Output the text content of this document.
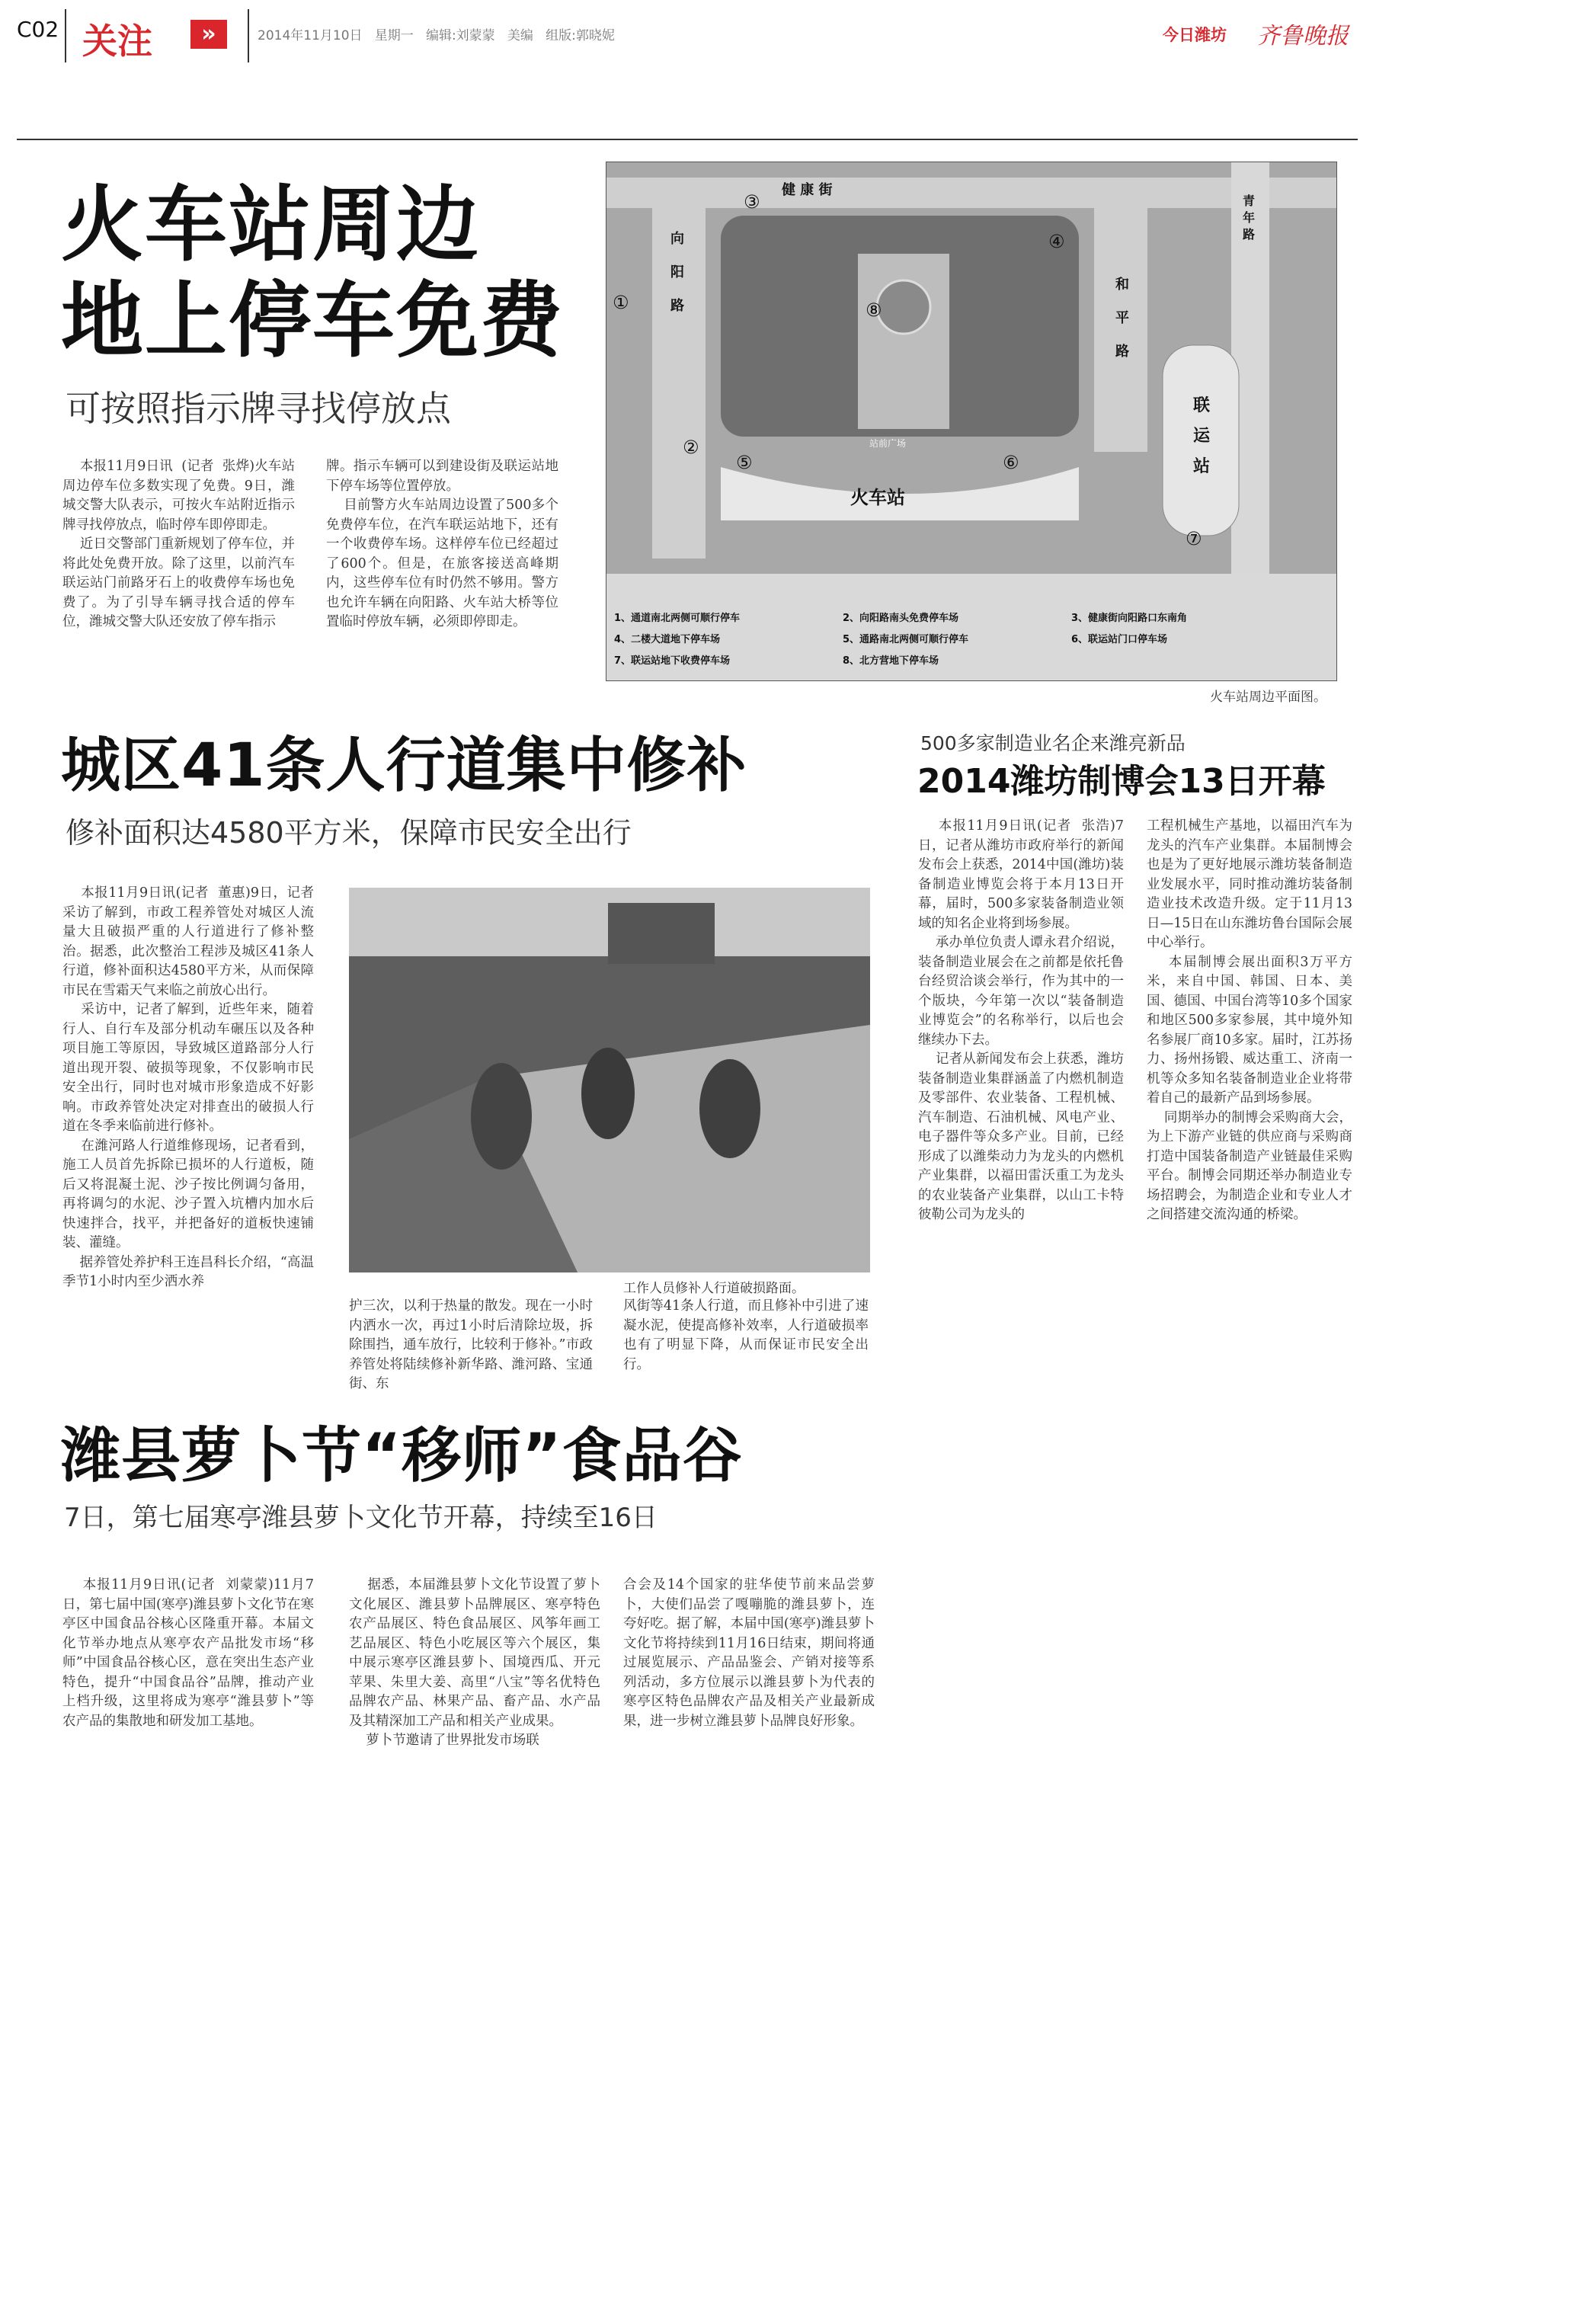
C02 关注	»	2014年11月10日   星期一   编辑:刘蒙蒙   美编   组版:郭晓妮	今日潍坊 齐鲁晚报
火车站周边
地上停车免费
可按照指示牌寻找停放点
本报11月9日讯  (记者  张烨)火车站周边停车位多数实现了免费。9日，潍城交警大队表示，可按火车站附近指示牌寻找停放点，临时停车即停即走。
近日交警部门重新规划了停车位，并将此处免费开放。除了这里，以前汽车联运站门前路牙石上的收费停车场也免费了。为了引导车辆寻找合适的停车位，潍城交警大队还安放了停车指示
牌。指示车辆可以到建设街及联运站地下停车场等位置停放。
目前警方火车站周边设置了500多个免费停车位，在汽车联运站地下，还有一个收费停车场。这样停车位已经超过了600个。但是，在旅客接送高峰期内，这些停车位有时仍然不够用。警方也允许车辆在向阳路、火车站大桥等位置临时停放车辆，必须即停即走。
健 康 街
向

阳

路
和

平

路
青
年
路
联
运
站
火车站
站前广场
①
②
③
④
⑤	⑥
⑦
⑧
1、通道南北两侧可顺行停车	2、向阳路南头免费停车场	3、健康街向阳路口东南角 4、二楼大道地下停车场	5、通路南北两侧可顺行停车	6、联运站门口停车场 7、联运站地下收费停车场	8、北方营地下停车场
火车站周边平面图。
城区41条人行道集中修补
修补面积达4580平方米，保障市民安全出行
本报11月9日讯(记者  董惠)9日，记者采访了解到，市政工程养管处对城区人流量大且破损严重的人行道进行了修补整治。据悉，此次整治工程涉及城区41条人行道，修补面积达4580平方米，从而保障市民在雪霜天气来临之前放心出行。
采访中，记者了解到，近些年来，随着行人、自行车及部分机动车碾压以及各种项目施工等原因，导致城区道路部分人行道出现开裂、破损等现象，不仅影响市民安全出行，同时也对城市形象造成不好影响。市政养管处决定对排查出的破损人行道在冬季来临前进行修补。
在潍河路人行道维修现场，记者看到，施工人员首先拆除已损坏的人行道板，随后又将混凝土泥、沙子按比例调匀备用，再将调匀的水泥、沙子置入坑槽内加水后快速拌合，找平，并把备好的道板快速铺装、灌缝。
据养管处养护科王连昌科长介绍，“高温季节1小时内至少洒水养	工作人员修补人行道破损路面。
护三次，以利于热量的散发。现在一小时内洒水一次，再过1小时后清除垃圾，拆除围挡，通车放行，比较利于修补。”市政养管处将陆续修补新华路、潍河路、宝通街、东
风街等41条人行道，而且修补中引进了速凝水泥，使提高修补效率，人行道破损率也有了明显下降，从而保证市民安全出行。
500多家制造业名企来潍亮新品
2014潍坊制博会13日开幕
本报11月9日讯(记者  张浩)7日，记者从潍坊市政府举行的新闻发布会上获悉，2014中国(潍坊)装备制造业博览会将于本月13日开幕，届时，500多家装备制造业领域的知名企业将到场参展。
承办单位负责人谭永君介绍说，装备制造业展会在之前都是依托鲁台经贸洽谈会举行，作为其中的一个版块，今年第一次以“装备制造业博览会”的名称举行，以后也会继续办下去。
记者从新闻发布会上获悉，潍坊装备制造业集群涵盖了内燃机制造及零部件、农业装备、工程机械、汽车制造、石油机械、风电产业、电子器件等众多产业。目前，已经形成了以潍柴动力为龙头的内燃机产业集群，以福田雷沃重工为龙头的农业装备产业集群，以山工卡特彼勒公司为龙头的
工程机械生产基地，以福田汽车为龙头的汽车产业集群。本届制博会也是为了更好地展示潍坊装备制造业发展水平，同时推动潍坊装备制造业技术改造升级。定于11月13日—15日在山东潍坊鲁台国际会展中心举行。
本届制博会展出面积3万平方米，来自中国、韩国、日本、美国、德国、中国台湾等10多个国家和地区500多家参展，其中境外知名参展厂商10多家。届时，江苏扬力、扬州扬锻、威达重工、济南一机等众多知名装备制造业企业将带着自己的最新产品到场参展。
同期举办的制博会采购商大会，为上下游产业链的供应商与采购商打造中国装备制造产业链最佳采购平台。制博会同期还举办制造业专场招聘会，为制造企业和专业人才之间搭建交流沟通的桥梁。
潍县萝卜节“移师”食品谷
7日，第七届寒亭潍县萝卜文化节开幕，持续至16日
本报11月9日讯(记者  刘蒙蒙)11月7日，第七届中国(寒亭)潍县萝卜文化节在寒亭区中国食品谷核心区隆重开幕。本届文化节举办地点从寒亭农产品批发市场“移师”中国食品谷核心区，意在突出生态产业特色，提升“中国食品谷”品牌，推动产业上档升级，这里将成为寒亭“潍县萝卜”等农产品的集散地和研发加工基地。
据悉，本届潍县萝卜文化节设置了萝卜文化展区、潍县萝卜品牌展区、寒亭特色农产品展区、特色食品展区、风筝年画工艺品展区、特色小吃展区等六个展区，集中展示寒亭区潍县萝卜、国境西瓜、开元苹果、朱里大姜、高里“八宝”等名优特色品牌农产品、林果产品、畜产品、水产品及其精深加工产品和相关产业成果。
萝卜节邀请了世界批发市场联
合会及14个国家的驻华使节前来品尝萝卜，大使们品尝了嘎嘣脆的潍县萝卜，连夸好吃。据了解，本届中国(寒亭)潍县萝卜文化节将持续到11月16日结束，期间将通过展览展示、产品品鉴会、产销对接等系列活动，多方位展示以潍县萝卜为代表的寒亭区特色品牌农产品及相关产业最新成果，进一步树立潍县萝卜品牌良好形象。
